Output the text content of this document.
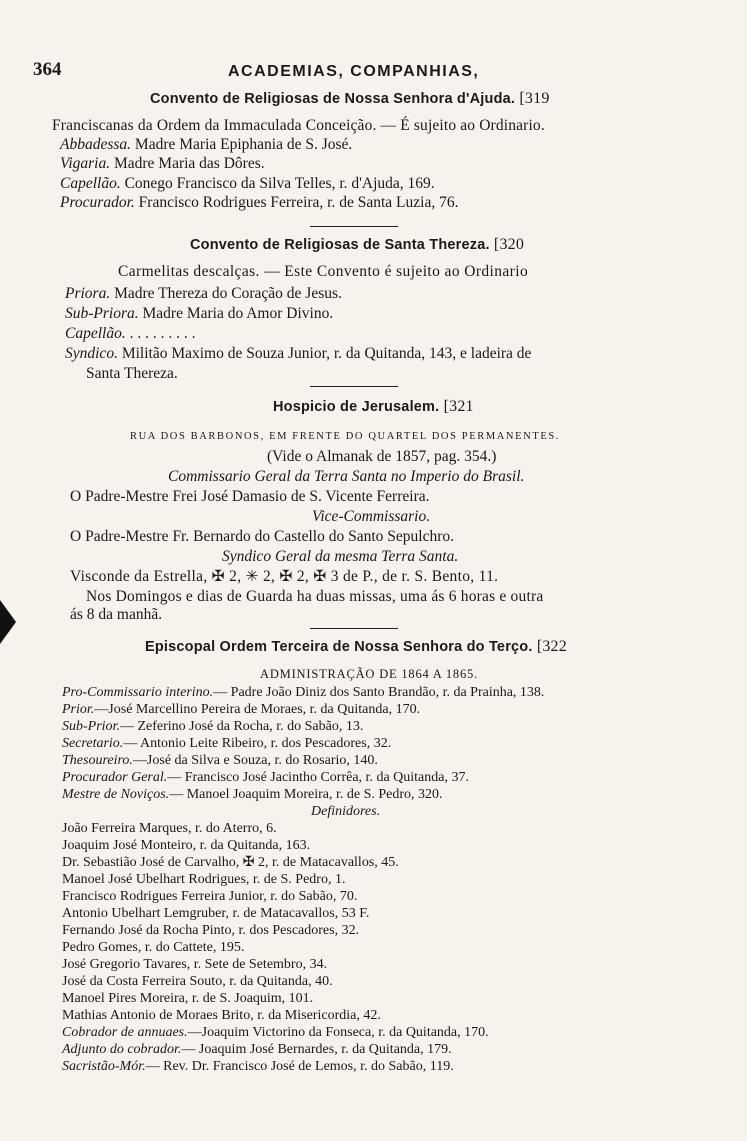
364	ACADEMIAS, COMPANHIAS,
Convento de Religiosas de Nossa Senhora d'Ajuda. [319
Franciscanas da Ordem da Immaculada Conceição. — É sujeito ao Ordinario.
Abbadessa. Madre Maria Epiphania de S. José.
Vigaria. Madre Maria das Dôres.
Capellão. Conego Francisco da Silva Telles, r. d'Ajuda, 169.
Procurador. Francisco Rodrigues Ferreira, r. de Santa Luzia, 76.
Convento de Religiosas de Santa Thereza. [320
Carmelitas descalças. — Este Convento é sujeito ao Ordinario
Priora. Madre Thereza do Coração de Jesus.
Sub-Priora. Madre Maria do Amor Divino.
Capellão. . . . . . . . . .
Syndico. Militão Maximo de Souza Junior, r. da Quitanda, 143, e ladeira de
Santa Thereza.
Hospicio de Jerusalem. [321
RUA DOS BARBONOS, EM FRENTE DO QUARTEL DOS PERMANENTES.
(Vide o Almanak de 1857, pag. 354.)
Commissario Geral da Terra Santa no Imperio do Brasil.
O Padre-Mestre Frei José Damasio de S. Vicente Ferreira.
Vice-Commissario.
O Padre-Mestre Fr. Bernardo do Castello do Santo Sepulchro.
Syndico Geral da mesma Terra Santa.
Visconde da Estrella, ✠ 2, ✳ 2, ✠ 2, ✠ 3 de P., de r. S. Bento, 11.
Nos Domingos e dias de Guarda ha duas missas, uma ás 6 horas e outra
ás 8 da manhã.
Episcopal Ordem Terceira de Nossa Senhora do Terço. [322
ADMINISTRAÇÃO DE 1864 A 1865.
Pro-Commissario interino.— Padre João Diniz dos Santo Brandão, r. da Prainha, 138.
Prior.—José Marcellino Pereira de Moraes, r. da Quitanda, 170.
Sub-Prior.— Zeferino José da Rocha, r. do Sabão, 13.
Secretario.— Antonio Leite Ribeiro, r. dos Pescadores, 32.
Thesoureiro.—José da Silva e Souza, r. do Rosario, 140.
Procurador Geral.— Francisco José Jacintho Corrêa, r. da Quitanda, 37.
Mestre de Noviços.— Manoel Joaquim Moreira, r. de S. Pedro, 320.
Definidores.
João Ferreira Marques, r. do Aterro, 6.
Joaquim José Monteiro, r. da Quitanda, 163.
Dr. Sebastião José de Carvalho, ✠ 2, r. de Matacavallos, 45.
Manoel José Ubelhart Rodrigues, r. de S. Pedro, 1.
Francisco Rodrigues Ferreira Junior, r. do Sabão, 70.
Antonio Ubelhart Lemgruber, r. de Matacavallos, 53 F.
Fernando José da Rocha Pinto, r. dos Pescadores, 32.
Pedro Gomes, r. do Cattete, 195.
José Gregorio Tavares, r. Sete de Setembro, 34.
José da Costa Ferreira Souto, r. da Quitanda, 40.
Manoel Pires Moreira, r. de S. Joaquim, 101.
Mathias Antonio de Moraes Brito, r. da Misericordia, 42.
Cobrador de annuaes.—Joaquim Victorino da Fonseca, r. da Quitanda, 170.
Adjunto do cobrador.— Joaquim José Bernardes, r. da Quitanda, 179.
Sacristão-Mór.— Rev. Dr. Francisco José de Lemos, r. do Sabão, 119.
